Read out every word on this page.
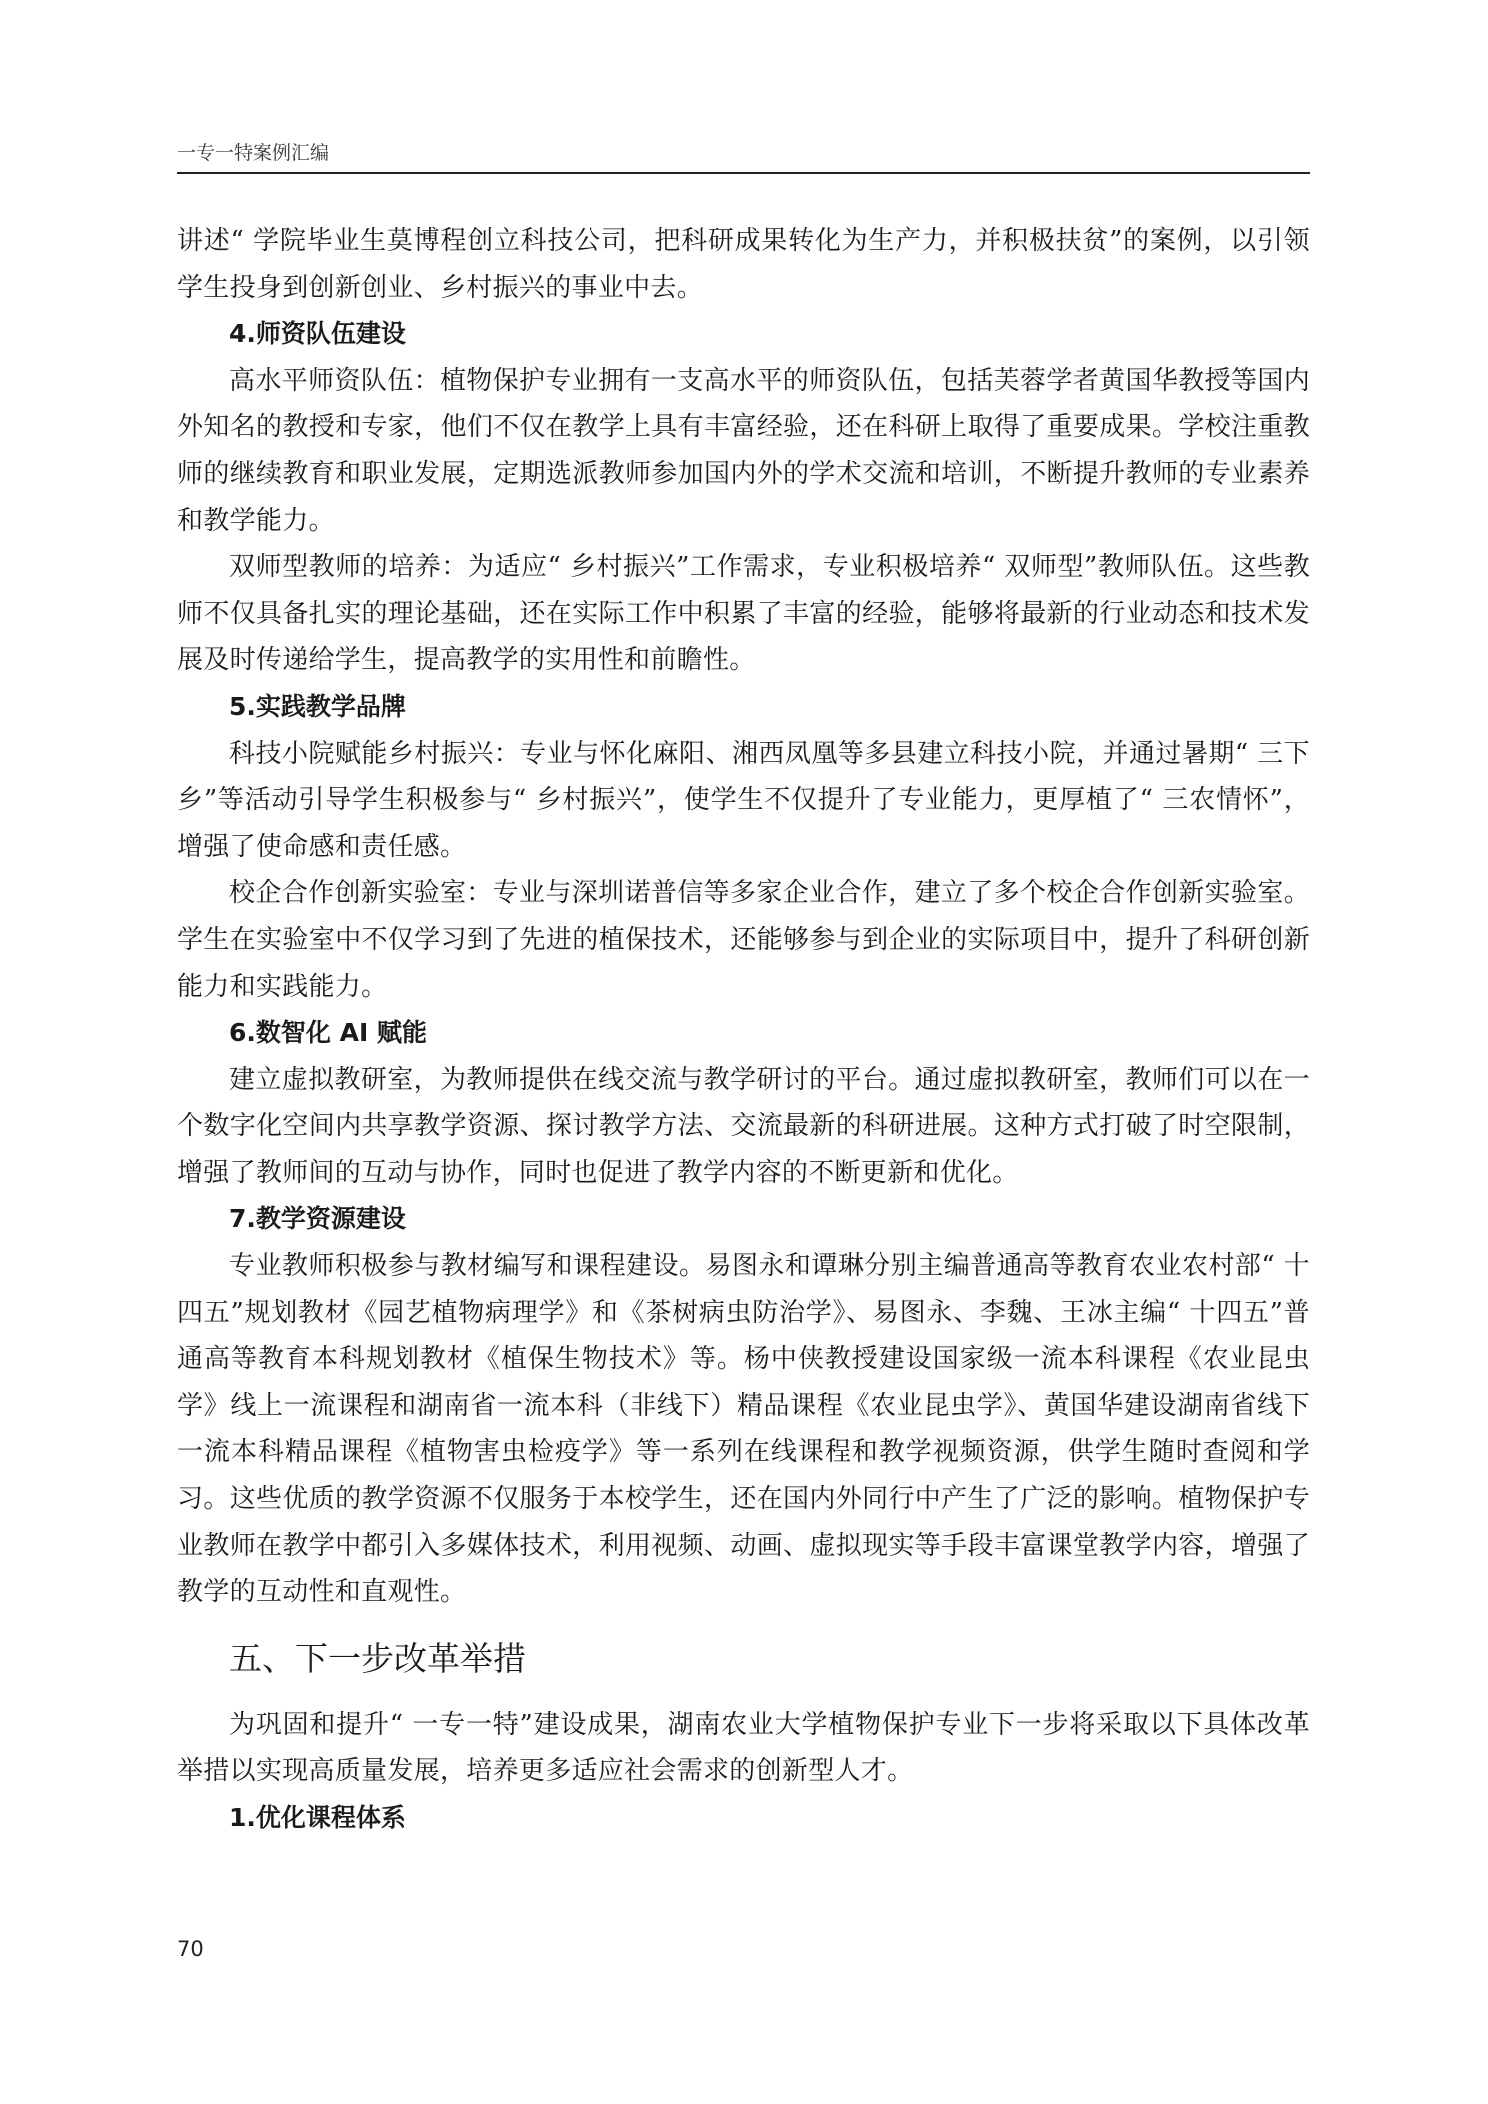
一专一特案例汇编

讲述“ 学院毕业生莫博程创立科技公司，把科研成果转化为生产力，并积极扶贫”的案例，以引领学生投身到创新创业、乡村振兴的事业中去。

4.师资队伍建设

高水平师资队伍：植物保护专业拥有一支高水平的师资队伍，包括芙蓉学者黄国华教授等国内外知名的教授和专家，他们不仅在教学上具有丰富经验，还在科研上取得了重要成果。学校注重教师的继续教育和职业发展，定期选派教师参加国内外的学术交流和培训，不断提升教师的专业素养和教学能力。

双师型教师的培养：为适应“ 乡村振兴”工作需求，专业积极培养“ 双师型”教师队伍。这些教师不仅具备扎实的理论基础，还在实际工作中积累了丰富的经验，能够将最新的行业动态和技术发展及时传递给学生，提高教学的实用性和前瞻性。

5.实践教学品牌

科技小院赋能乡村振兴：专业与怀化麻阳、湘西凤凰等多县建立科技小院，并通过暑期“ 三下乡”等活动引导学生积极参与“ 乡村振兴”，使学生不仅提升了专业能力，更厚植了“ 三农情怀”，增强了使命感和责任感。

校企合作创新实验室：专业与深圳诺普信等多家企业合作，建立了多个校企合作创新实验室。学生在实验室中不仅学习到了先进的植保技术，还能够参与到企业的实际项目中，提升了科研创新能力和实践能力。

6.数智化 AI 赋能

建立虚拟教研室，为教师提供在线交流与教学研讨的平台。通过虚拟教研室，教师们可以在一个数字化空间内共享教学资源、探讨教学方法、交流最新的科研进展。这种方式打破了时空限制，增强了教师间的互动与协作，同时也促进了教学内容的不断更新和优化。

7.教学资源建设

专业教师积极参与教材编写和课程建设。易图永和谭琳分别主编普通高等教育农业农村部“ 十四五”规划教材《园艺植物病理学》和《茶树病虫防治学》、易图永、李魏、王冰主编“ 十四五”普通高等教育本科规划教材《植保生物技术》等。杨中侠教授建设国家级一流本科课程《农业昆虫学》线上一流课程和湖南省一流本科（非线下）精品课程《农业昆虫学》、黄国华建设湖南省线下一流本科精品课程《植物害虫检疫学》等一系列在线课程和教学视频资源，供学生随时查阅和学习。这些优质的教学资源不仅服务于本校学生，还在国内外同行中产生了广泛的影响。植物保护专业教师在教学中都引入多媒体技术，利用视频、动画、虚拟现实等手段丰富课堂教学内容，增强了教学的互动性和直观性。

五、下一步改革举措

为巩固和提升“ 一专一特”建设成果，湖南农业大学植物保护专业下一步将采取以下具体改革举措以实现高质量发展，培养更多适应社会需求的创新型人才。

1.优化课程体系
70
